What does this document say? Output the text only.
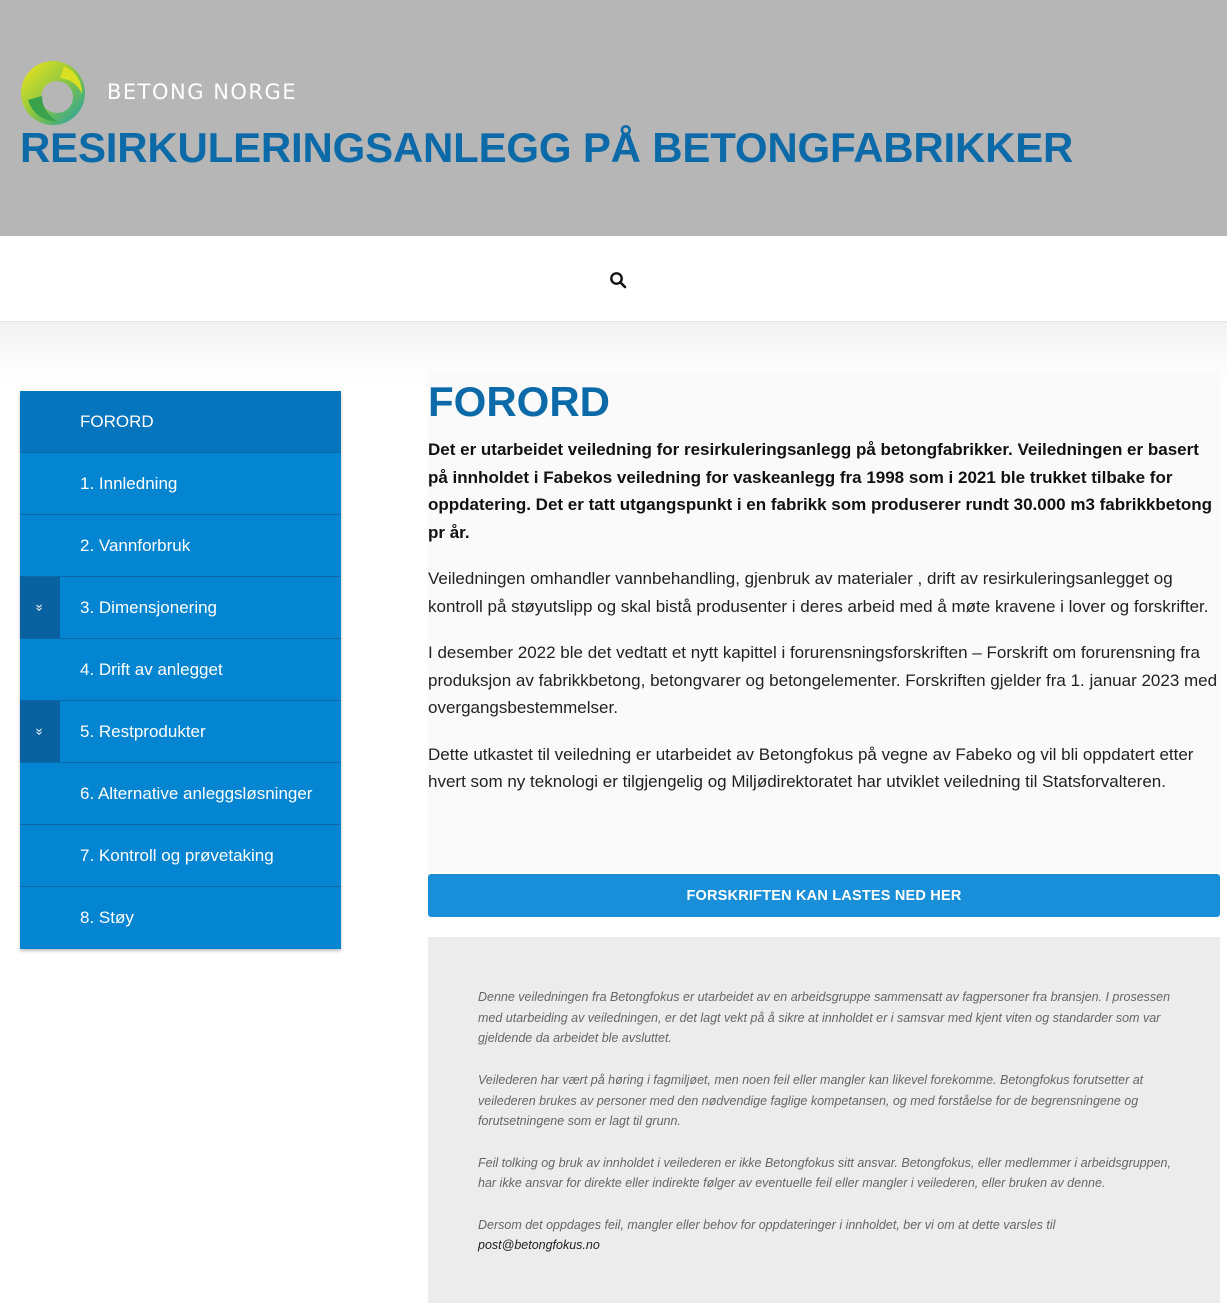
BETONG NORGE
RESIRKULERINGSANLEGG PÅ BETONGFABRIKKER
FORORD
1. Innledning
2. Vannforbruk
»	3. Dimensjonering
4. Drift av anlegget
»	5. Restprodukter
6. Alternative anleggsløsninger
7. Kontroll og prøvetaking
8. Støy
FORORD

Det er utarbeidet veiledning for resirkuleringsanlegg på betongfabrikker. Veiledningen er basert på innholdet i Fabekos veiledning for vaskeanlegg fra 1998 som i 2021 ble trukket tilbake for oppdatering. Det er tatt utgangspunkt i en fabrikk som produserer rundt 30.000 m3 fabrikkbetong pr år.

Veiledningen omhandler vannbehandling, gjenbruk av materialer , drift av resirkuleringsanlegget og kontroll på støyutslipp og skal bistå produsenter i deres arbeid med å møte kravene i lover og forskrifter.

I desember 2022 ble det vedtatt et nytt kapittel i forurensningsforskriften – Forskrift om forurensning fra produksjon av fabrikkbetong, betongvarer og betongelementer. Forskriften gjelder fra 1. januar 2023 med overgangsbestemmelser.

Dette utkastet til veiledning er utarbeidet av Betongfokus på vegne av Fabeko og vil bli oppdatert etter hvert som ny teknologi er tilgjengelig og Miljødirektoratet har utviklet veiledning til Statsforvalteren.

FORSKRIFTEN KAN LASTES NED HER

Denne veiledningen fra Betongfokus er utarbeidet av en arbeidsgruppe sammensatt av fagpersoner fra bransjen. I prosessen med utarbeiding av veiledningen, er det lagt vekt på å sikre at innholdet er i samsvar med kjent viten og standarder som var gjeldende da arbeidet ble avsluttet.

Veilederen har vært på høring i fagmiljøet, men noen feil eller mangler kan likevel forekomme. Betongfokus forutsetter at veilederen brukes av personer med den nødvendige faglige kompetansen, og med forståelse for de begrensningene og forutsetningene som er lagt til grunn.

Feil tolking og bruk av innholdet i veilederen er ikke Betongfokus sitt ansvar. Betongfokus, eller medlemmer i arbeidsgruppen, har ikke ansvar for direkte eller indirekte følger av eventuelle feil eller mangler i veilederen, eller bruken av denne.

Dersom det oppdages feil, mangler eller behov for oppdateringer i innholdet, ber vi om at dette varsles til
post@betongfokus.no
